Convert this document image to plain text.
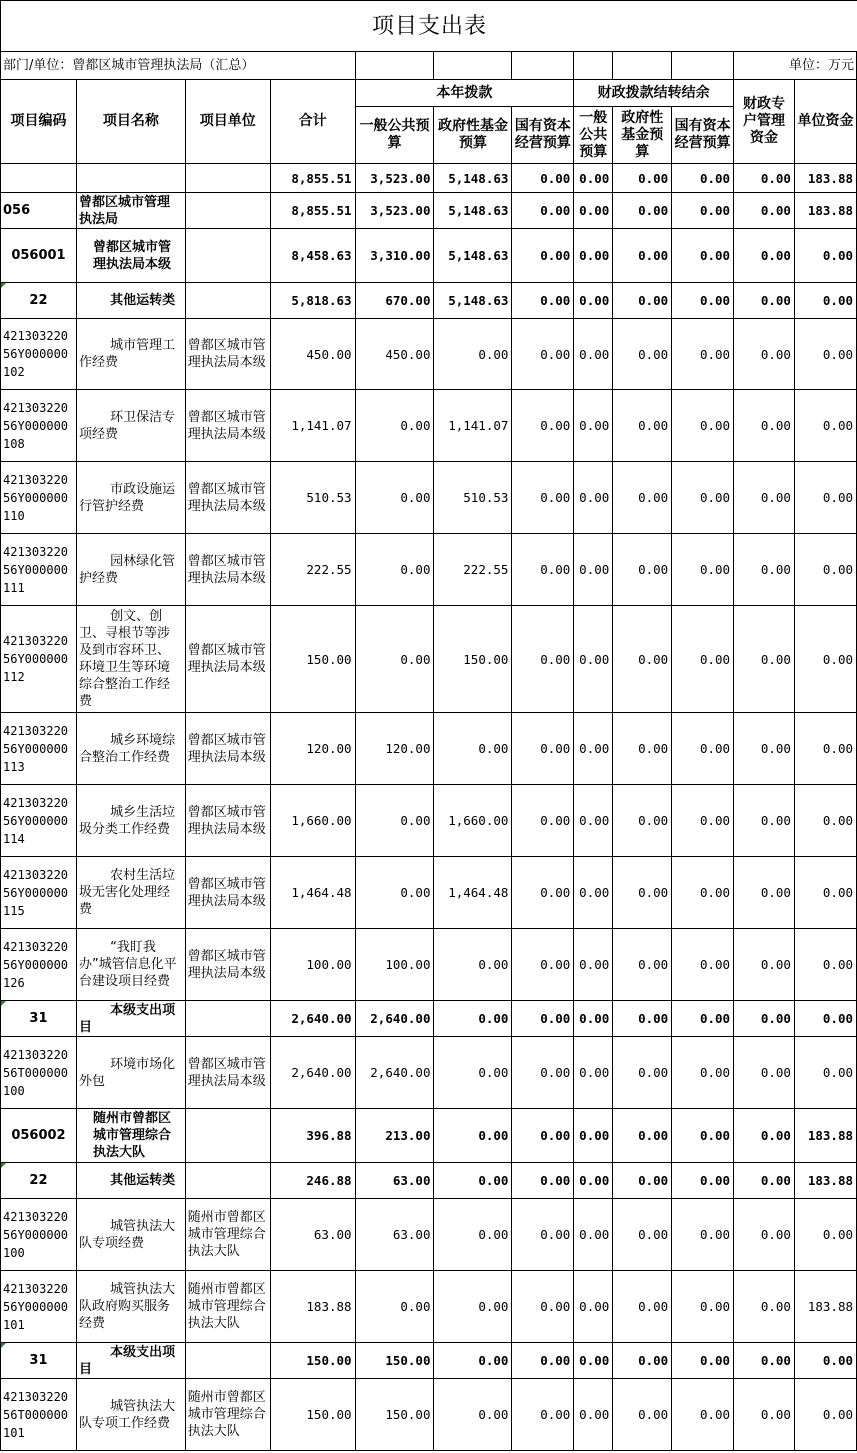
项目支出表
部门/单位：曾都区城市管理执法局（汇总）										单位：万元	
项目编码	项目名称	项目单位	合计	本年拨款			财政拨款结转结余			财政专户管理资金	单位资金
				一般公共预算	政府性基金预算	国有资本经营预算	一般公共预算	政府性基金预算	国有资本经营预算		
			8,855.51	3,523.00	5,148.63	0.00	0.00	0.00	0.00	0.00	183.88
056	曾都区城市管理执法局		8,855.51	3,523.00	5,148.63	0.00	0.00	0.00	0.00	0.00	183.88
056001	曾都区城市管理执法局本级		8,458.63	3,310.00	5,148.63	0.00	0.00	0.00	0.00	0.00	0.00
22	其他运转类		5,818.63	670.00	5,148.63	0.00	0.00	0.00	0.00	0.00	0.00
42130322056Y000000102	城市管理工作经费	曾都区城市管理执法局本级	450.00	450.00	0.00	0.00	0.00	0.00	0.00	0.00	0.00
42130322056Y000000108	环卫保洁专项经费	曾都区城市管理执法局本级	1,141.07	0.00	1,141.07	0.00	0.00	0.00	0.00	0.00	0.00
42130322056Y000000110	市政设施运行管护经费	曾都区城市管理执法局本级	510.53	0.00	510.53	0.00	0.00	0.00	0.00	0.00	0.00
42130322056Y000000111	园林绿化管护经费	曾都区城市管理执法局本级	222.55	0.00	222.55	0.00	0.00	0.00	0.00	0.00	0.00
42130322056Y000000112	创文、创卫、寻根节等涉及到市容环卫、环境卫生等环境综合整治工作经费	曾都区城市管理执法局本级	150.00	0.00	150.00	0.00	0.00	0.00	0.00	0.00	0.00
42130322056Y000000113	城乡环境综合整治工作经费	曾都区城市管理执法局本级	120.00	120.00	0.00	0.00	0.00	0.00	0.00	0.00	0.00
42130322056Y000000114	城乡生活垃圾分类工作经费	曾都区城市管理执法局本级	1,660.00	0.00	1,660.00	0.00	0.00	0.00	0.00	0.00	0.00
42130322056Y000000115	农村生活垃圾无害化处理经费	曾都区城市管理执法局本级	1,464.48	0.00	1,464.48	0.00	0.00	0.00	0.00	0.00	0.00
42130322056Y000000126	“我盯我办”城管信息化平台建设项目经费	曾都区城市管理执法局本级	100.00	100.00	0.00	0.00	0.00	0.00	0.00	0.00	0.00
31	本级支出项目		2,640.00	2,640.00	0.00	0.00	0.00	0.00	0.00	0.00	0.00
42130322056T000000100	环境市场化外包	曾都区城市管理执法局本级	2,640.00	2,640.00	0.00	0.00	0.00	0.00	0.00	0.00	0.00
056002	随州市曾都区城市管理综合执法大队		396.88	213.00	0.00	0.00	0.00	0.00	0.00	0.00	183.88
22	其他运转类		246.88	63.00	0.00	0.00	0.00	0.00	0.00	0.00	183.88
42130322056Y000000100	城管执法大队专项经费	随州市曾都区城市管理综合执法大队	63.00	63.00	0.00	0.00	0.00	0.00	0.00	0.00	0.00
42130322056Y000000101	城管执法大队政府购买服务经费	随州市曾都区城市管理综合执法大队	183.88	0.00	0.00	0.00	0.00	0.00	0.00	0.00	183.88
31	本级支出项目		150.00	150.00	0.00	0.00	0.00	0.00	0.00	0.00	0.00
42130322056T000000101	城管执法大队专项工作经费	随州市曾都区城市管理综合执法大队	150.00	150.00	0.00	0.00	0.00	0.00	0.00	0.00	0.00
